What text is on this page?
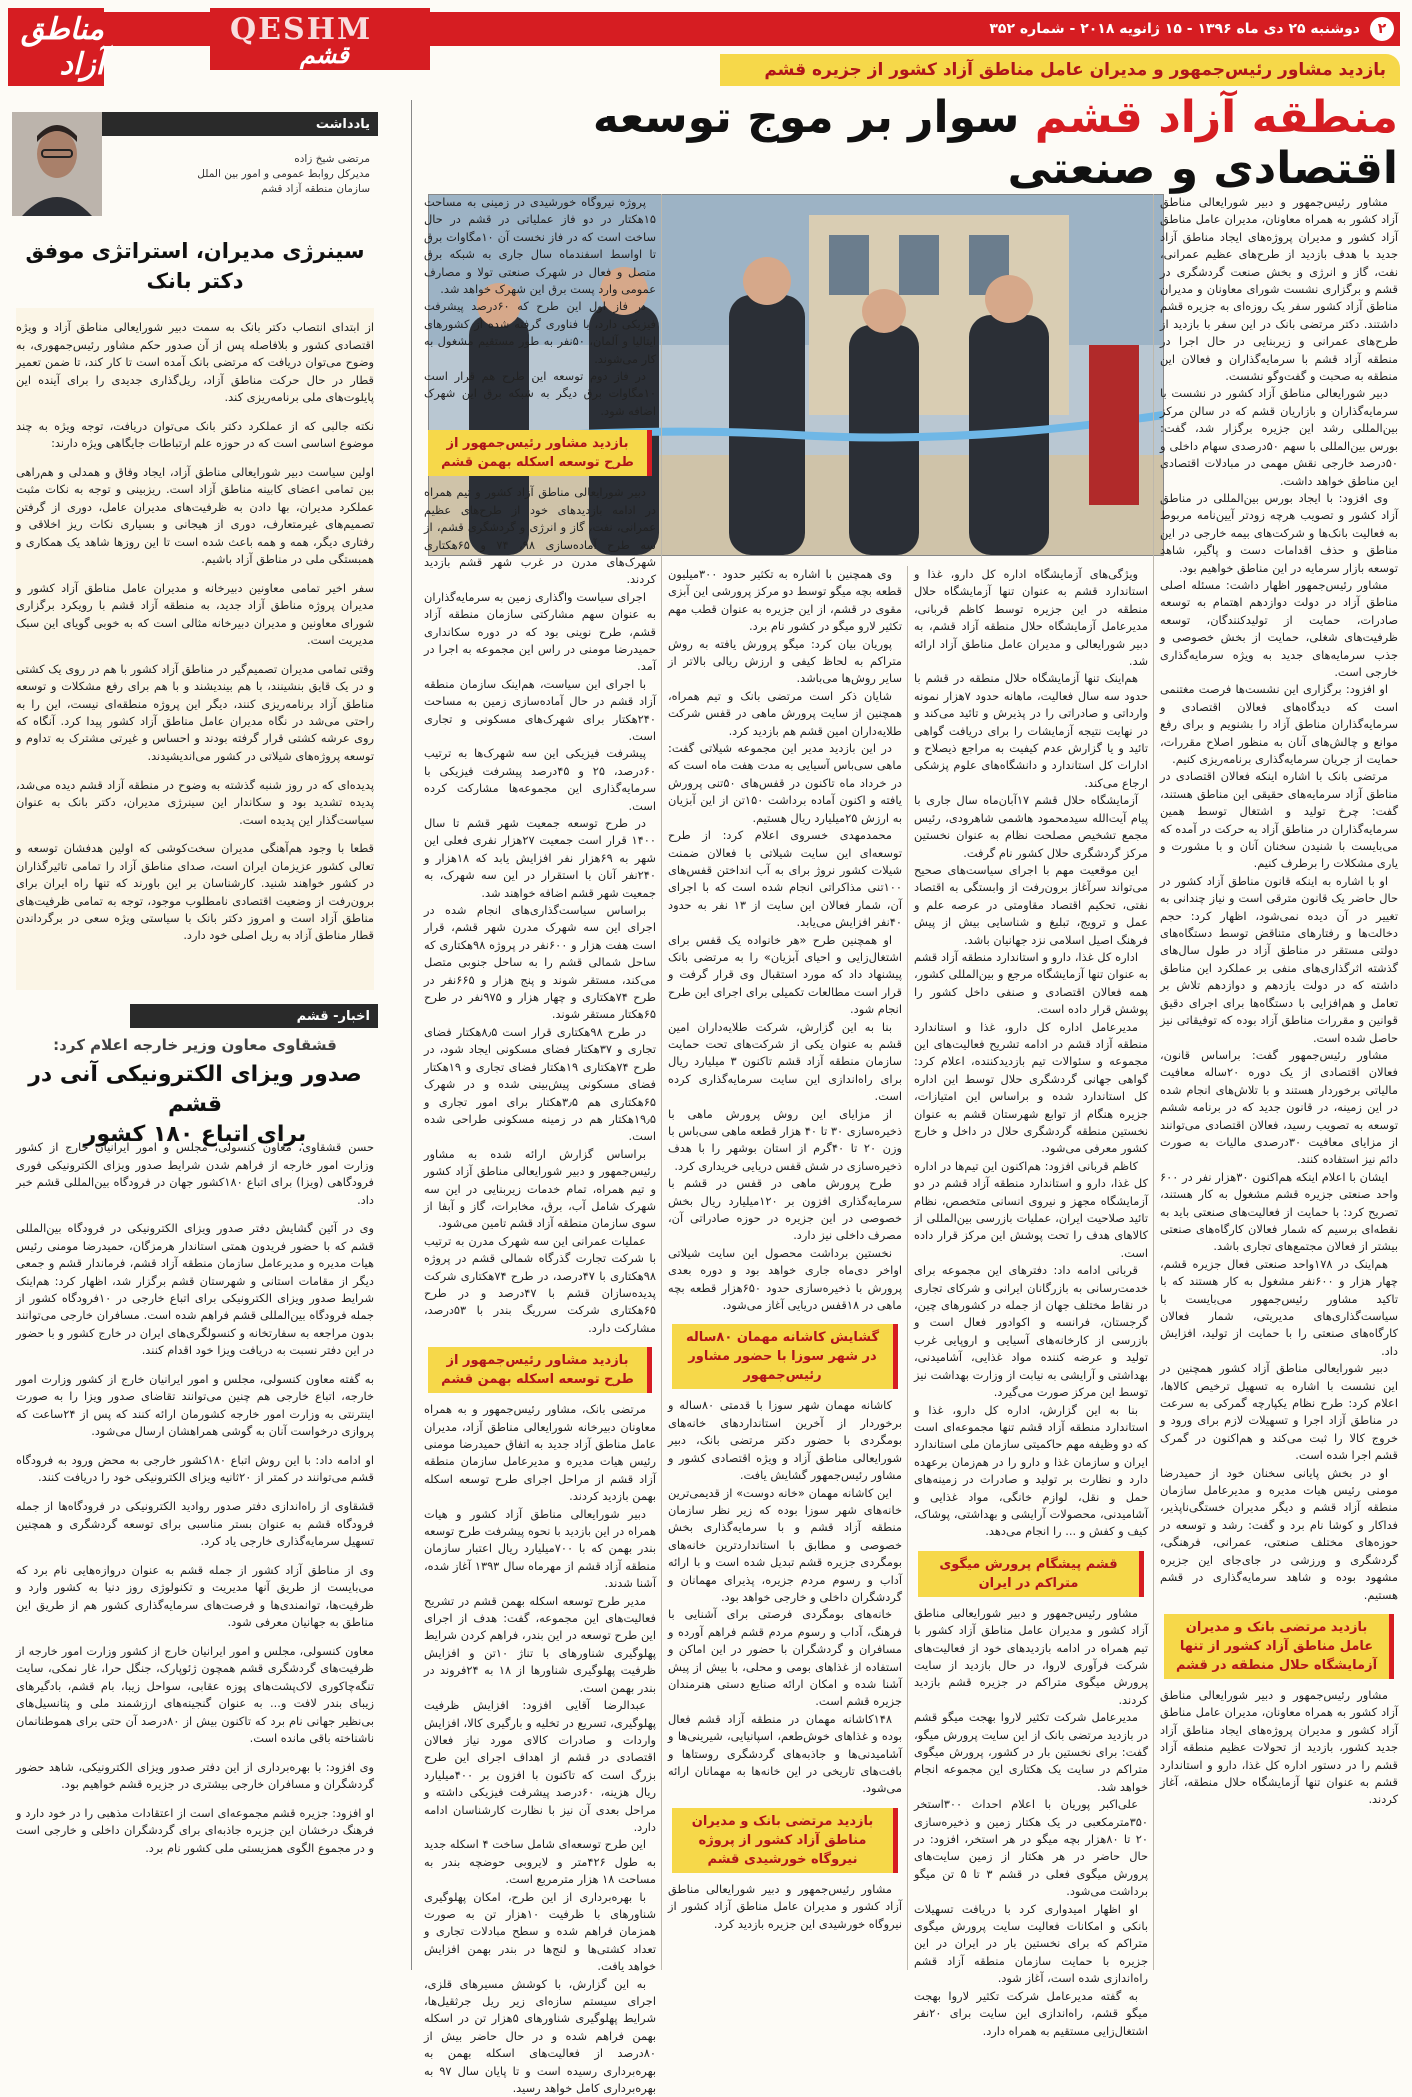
۲
دوشنبه ۲۵ دی ماه ۱۳۹۶ - ۱۵ ژانویه ۲۰۱۸ - شماره ۳۵۲
QESHM
قشم
مناطق آزاد	بازدید مشاور رئیس‌جمهور و مدیران عامل مناطق آزاد کشور از جزیره قشم
منطقه آزاد قشم سوار بر موج توسعه اقتصادی و صنعتی

مشاور رئیس‌جمهور و دبیر شورایعالی مناطق آزاد کشور به همراه معاونان، مدیران عامل مناطق آزاد کشور و مدیران پروژه‌های ایجاد مناطق آزاد جدید با هدف بازدید از طرح‌های عظیم عمرانی، نفت، گاز و انرژی و بخش صنعت گردشگری در قشم و برگزاری نشست شورای معاونان و مدیران مناطق آزاد کشور سفر یک روزه‌ای به جزیره قشم داشتند. دکتر مرتضی بانک در این سفر با بازدید از طرح‌های عمرانی و زیربنایی در حال اجرا در منطقه آزاد قشم با سرمایه‌گذاران و فعالان این منطقه به صحبت و گفت‌وگو نشست.

دبیر شورایعالی مناطق آزاد کشور در نشست با سرمایه‌گذاران و بازاریان قشم که در سالن مرکز بین‌المللی رشد این جزیره برگزار شد، گفت: بورس بین‌المللی با سهم ۵۰درصدی سهام داخلی و ۵۰درصد خارجی نقش مهمی در مبادلات اقتصادی این مناطق خواهد داشت.

وی افزود: با ایجاد بورس بین‌المللی در مناطق آزاد کشور و تصویب هرچه زودتر آیین‌نامه مربوط به فعالیت بانک‌ها و شرکت‌های بیمه خارجی در این مناطق و حذف اقدامات دست و پاگیر، شاهد توسعه بازار سرمایه در این مناطق خواهیم بود.

مشاور رئیس‌جمهور اظهار داشت: مسئله اصلی مناطق آزاد در دولت دوازدهم اهتمام به توسعه صادرات، حمایت از تولیدکنندگان، توسعه ظرفیت‌های شغلی، حمایت از بخش خصوصی و جذب سرمایه‌های جدید به ویژه سرمایه‌گذاری خارجی است.

او افزود: برگزاری این نشست‌ها فرصت مغتنمی است که دیدگاه‌های فعالان اقتصادی و سرمایه‌گذاران مناطق آزاد را بشنویم و برای رفع موانع و چالش‌های آنان به منظور اصلاح مقررات، حمایت از جریان سرمایه‌گذاری برنامه‌ریزی کنیم.

مرتضی بانک با اشاره اینکه فعالان اقتصادی در مناطق آزاد سرمایه‌های حقیقی این مناطق هستند، گفت: چرخ تولید و اشتغال توسط همین سرمایه‌گذاران در مناطق آزاد به حرکت در آمده که می‌بایست با شنیدن سخنان آنان و با مشورت و یاری مشکلات را برطرف کنیم.

او با اشاره به اینکه قانون مناطق آزاد کشور در حال حاضر یک قانون مترقی است و نیاز چندانی به تغییر در آن دیده نمی‌شود، اظهار کرد: حجم دخالت‌ها و رفتارهای متناقض توسط دستگاه‌های دولتی مستقر در مناطق آزاد در طول سال‌های گذشته اثرگذاری‌های منفی بر عملکرد این مناطق داشته که در دولت یازدهم و دوازدهم تلاش بر تعامل و هم‌افزایی با دستگاه‌ها برای اجرای دقیق قوانین و مقررات مناطق آزاد بوده که توفیقاتی نیز حاصل شده است.

مشاور رئیس‌جمهور گفت: براساس قانون، فعالان اقتصادی از یک دوره ۲۰ساله معافیت مالیاتی برخوردار هستند و با تلاش‌های انجام شده در این زمینه، در قانون جدید که در برنامه ششم توسعه به تصویب رسید، فعالان اقتصادی می‌توانند از مزایای معافیت ۳۰درصدی مالیات به صورت دائم نیز استفاده کنند.

ایشان با اعلام اینکه هم‌اکنون ۳۰هزار نفر در ۶۰۰ واحد صنعتی جزیره قشم مشغول به کار هستند، تصریح کرد: با حمایت از فعالیت‌های صنعتی باید به نقطه‌ای برسیم که شمار فعالان کارگاه‌های صنعتی بیشتر از فعالان مجتمع‌های تجاری باشد.

هم‌اینک در ۱۷۸واحد صنعتی فعال جزیره قشم، چهار هزار و ۶۰۰نفر مشغول به کار هستند که با تاکید مشاور رئیس‌جمهور می‌بایست با سیاست‌گذاری‌های مدیریتی، شمار فعالان کارگاه‌های صنعتی را با حمایت از تولید، افزایش داد.

دبیر شورایعالی مناطق آزاد کشور همچنین در این نشست با اشاره به تسهیل ترخیص کالاها، اعلام کرد: طرح نظام یکپارچه گمرکی به سرعت در مناطق آزاد اجرا و تسهیلات لازم برای ورود و خروج کالا را ثبت می‌کند و هم‌اکنون در گمرک قشم اجرا شده است.

او در بخش پایانی سخنان خود از حمیدرضا مومنی رئیس هیات مدیره و مدیرعامل سازمان منطقه آزاد قشم و دیگر مدیران خستگی‌ناپذیر، فداکار و کوشا نام برد و گفت: رشد و توسعه در حوزه‌های مختلف صنعتی، عمرانی، فرهنگی، گردشگری و ورزشی در جای‌جای این جزیره مشهود بوده و شاهد سرمایه‌گذاری در قشم هستیم.

بازدید مرتضی بانک و مدیران عامل مناطق آزاد کشور از تنها آزمایشگاه حلال منطقه در قشم

مشاور رئیس‌جمهور و دبیر شورایعالی مناطق آزاد کشور به همراه معاونان، مدیران عامل مناطق آزاد کشور و مدیران پروژه‌های ایجاد مناطق آزاد جدید کشور، بازدید از تحولات عظیم منطقه آزاد قشم را در دستور اداره کل غذا، دارو و استاندارد قشم به عنوان تنها آزمایشگاه حلال منطقه، آغاز کردند.

ویژگی‌های آزمایشگاه اداره کل دارو، غذا و استاندارد قشم به عنوان تنها آزمایشگاه حلال منطقه در این جزیره توسط کاظم قربانی، مدیرعامل آزمایشگاه حلال منطقه آزاد قشم، به دبیر شورایعالی و مدیران عامل مناطق آزاد ارائه شد.

هم‌اینک تنها آزمایشگاه حلال منطقه در قشم با حدود سه سال فعالیت، ماهانه حدود ۷هزار نمونه وارداتی و صادراتی را در پذیرش و تائید می‌کند و در نهایت نتیجه آزمایشات را برای دریافت گواهی تائید و یا گزارش عدم کیفیت به مراجع ذیصلاح و ادارات کل استاندارد و دانشگاه‌های علوم پزشکی ارجاع می‌کند.

آزمایشگاه حلال قشم ۱۷آبان‌ماه سال جاری با پیام آیت‌الله سیدمحمود هاشمی شاهرودی، رئیس مجمع تشخیص مصلحت نظام به عنوان نخستین مرکز گردشگری حلال کشور نام گرفت.

این موقعیت مهم با اجرای سیاست‌های صحیح می‌تواند سرآغاز برون‌رفت از وابستگی به اقتصاد نفتی، تحکیم اقتصاد مقاومتی در عرصه علم و عمل و ترویج، تبلیغ و شناسایی بیش از پیش فرهنگ اصیل اسلامی نزد جهانیان باشد.

اداره کل غذا، دارو و استاندارد منطقه آزاد قشم به عنوان تنها آزمایشگاه مرجع و بین‌المللی کشور، همه فعالان اقتصادی و صنفی داخل کشور را پوشش قرار داده است.

مدیرعامل اداره کل دارو، غذا و استاندارد منطقه آزاد قشم در ادامه تشریح فعالیت‌های این مجموعه و سئوالات تیم بازدیدکننده، اعلام کرد: گواهی جهانی گردشگری حلال توسط این اداره کل استاندارد شده و براساس این امتیازات، جزیره هنگام از توابع شهرستان قشم به عنوان نخستین منطقه گردشگری حلال در داخل و خارج کشور معرفی می‌شود.

کاظم قربانی افزود: هم‌اکنون این تیم‌ها در اداره کل غذا، دارو و استاندارد منطقه آزاد قشم در دو آزمایشگاه مجهز و نیروی انسانی متخصص، نظام تائید صلاحیت ایران، عملیات بازرسی بین‌المللی از کالاهای هدف را تحت پوشش این مرکز قرار داده است.

قربانی ادامه داد: دفترهای این مجموعه برای خدمت‌رسانی به بازرگانان ایرانی و شرکای تجاری در نقاط مختلف جهان از جمله در کشورهای چین، گرجستان، فرانسه و اکوادور فعال است و بازرسی از کارخانه‌های آسیایی و اروپایی غرب تولید و عرضه کننده مواد غذایی، آشامیدنی، بهداشتی و آرایشی به نیابت از وزارت بهداشت نیز توسط این مرکز صورت می‌گیرد.

بنا به این گزارش، اداره کل دارو، غذا و استاندارد منطقه آزاد قشم تنها مجموعه‌ای است که دو وظیفه مهم حاکمیتی سازمان ملی استاندارد ایران و سازمان غذا و دارو را در هم‌زمان برعهده دارد و نظارت بر تولید و صادرات در زمینه‌های حمل و نقل، لوازم خانگی، مواد غذایی و آشامیدنی، محصولات آرایشی و بهداشتی، پوشاک، کیف و کفش و ... را انجام می‌دهد.

قشم پیشگام پرورش میگوی متراکم در ایران

مشاور رئیس‌جمهور و دبیر شورایعالی مناطق آزاد کشور و مدیران عامل مناطق آزاد کشور با تیم همراه در ادامه بازدیدهای خود از فعالیت‌های شرکت فرآوری لاروا، در حال بازدید از سایت پرورش میگوی متراکم در جزیره قشم بازدید کردند.

مدیرعامل شرکت تکثیر لاروا بهجت میگو قشم در بازدید مرتضی بانک از این سایت پرورش میگو، گفت: برای نخستین بار در کشور، پرورش میگوی متراکم در سایت یک هکتاری این مجموعه انجام خواهد شد.

علی‌اکبر پوریان با اعلام احداث ۳۰۰استخر ۳۵۰مترمکعبی در یک هکتار زمین و ذخیره‌سازی ۲۰ تا ۸۰هزار بچه میگو در هر استخر، افزود: در حال حاضر در هر هکتار از زمین سایت‌های پرورش میگوی فعلی در قشم ۳ تا ۵ تن میگو برداشت می‌شود.

او اظهار امیدواری کرد با دریافت تسهیلات بانکی و امکانات فعالیت سایت پرورش میگوی متراکم که برای نخستین بار در ایران در این جزیره با حمایت سازمان منطقه آزاد قشم راه‌اندازی شده است، آغاز شود.

به گفته مدیرعامل شرکت تکثیر لاروا بهجت میگو قشم، راه‌اندازی این سایت برای ۲۰نفر اشتغال‌زایی مستقیم به همراه دارد.

وی همچنین با اشاره به تکثیر حدود ۳۰۰میلیون قطعه بچه میگو توسط دو مرکز پرورشی این آبزی مقوی در قشم، از این جزیره به عنوان قطب مهم تکثیر لارو میگو در کشور نام برد.

پوریان بیان کرد: میگو پرورش یافته به روش متراکم به لحاظ کیفی و ارزش ریالی بالاتر از سایر روش‌ها می‌باشد.

شایان ذکر است مرتضی بانک و تیم همراه، همچنین از سایت پرورش ماهی در قفس شرکت طلایه‌داران امین قشم هم بازدید کرد.

در این بازدید مدیر این مجموعه شیلاتی گفت: ماهی سی‌باس آسیایی به مدت هفت ماه است که در خرداد ماه تاکنون در قفس‌های ۵۰تنی پرورش یافته و اکنون آماده برداشت ۱۵۰تن از این آبزیان به ارزش ۲۵میلیارد ریال هستیم.

محمدمهدی خسروی اعلام کرد: از طرح توسعه‌ای این سایت شیلاتی با فعالان ضمنت شیلات کشور نروژ برای به آب انداختن قفس‌های ۱۰۰تنی مذاکراتی انجام شده است که با اجرای آن، شمار فعالان این سایت از ۱۳ نفر به حدود ۴۰نفر افزایش می‌یابد.

او همچنین طرح «هر خانواده یک قفس برای اشتغال‌زایی و احیای آبزیان» را به مرتضی بانک پیشنهاد داد که مورد استقبال وی قرار گرفت و قرار است مطالعات تکمیلی برای اجرای این طرح انجام شود.

بنا به این گزارش، شرکت طلایه‌داران امین قشم به عنوان یکی از شرکت‌های تحت حمایت سازمان منطقه آزاد قشم تاکنون ۳ میلیارد ریال برای راه‌اندازی این سایت سرمایه‌گذاری کرده است.

از مزایای این روش پرورش ماهی با ذخیره‌سازی ۳۰ تا ۴۰ هزار قطعه ماهی سی‌باس با وزن ۲۰ تا ۴۰گرم از استان بوشهر را با هدف ذخیره‌سازی در شش قفس دریایی خریداری کرد.

طرح پرورش ماهی در قفس در قشم با سرمایه‌گذاری افزون بر ۱۲۰میلیارد ریال بخش خصوصی در این جزیره در حوزه صادراتی آن، مصرف داخلی نیز دارد.

نخستین برداشت محصول این سایت شیلاتی اواخر دی‌ماه جاری خواهد بود و دوره بعدی پرورش با ذخیره‌سازی حدود ۶۵۰هزار قطعه بچه ماهی در ۱۸قفس دریایی آغاز می‌شود.

گشایش کاشانه مهمان ۸۰ساله در شهر سوزا با حضور مشاور رئیس‌جمهور

کاشانه مهمان شهر سوزا با قدمتی ۸۰ساله و برخوردار از آخرین استانداردهای خانه‌های بومگردی با حضور دکتر مرتضی بانک، دبیر شورایعالی مناطق آزاد و ویژه اقتصادی کشور و مشاور رئیس‌جمهور گشایش یافت.

این کاشانه مهمان «خانه دوست» از قدیمی‌ترین خانه‌های شهر سوزا بوده که زیر نظر سازمان منطقه آزاد قشم و با سرمایه‌گذاری بخش خصوصی و مطابق با استانداردترین خانه‌های بومگردی جزیره قشم تبدیل شده است و با ارائه آداب و رسوم مردم جزیره، پذیرای مهمانان و گردشگران داخلی و خارجی خواهد بود.

خانه‌های بومگردی فرصتی برای آشنایی با فرهنگ، آداب و رسوم مردم قشم فراهم آورده و مسافران و گردشگران با حضور در این اماکن و استفاده از غذاهای بومی و محلی، با بیش از پیش آشنا شده و امکان ارائه صنایع دستی هنرمندان جزیره قشم است.

۱۴۸کاشانه مهمان در منطقه آزاد قشم فعال بوده و غذاهای خوش‌طعم، اسپانیایی، شیرینی‌ها و آشامیدنی‌ها و جاذبه‌های گردشگری روستاها و بافت‌های تاریخی در این خانه‌ها به مهمانان ارائه می‌شود.

بازدید مرتضی بانک و مدیران مناطق آزاد کشور از پروژه نیروگاه خورشیدی قشم

مشاور رئیس‌جمهور و دبیر شورایعالی مناطق آزاد کشور و مدیران عامل مناطق آزاد کشور از نیروگاه خورشیدی این جزیره بازدید کرد.

پروژه نیروگاه خورشیدی در زمینی به مساحت ۱۵هکتار در دو فاز عملیاتی در قشم در حال ساخت است که در فاز نخست آن ۱۰مگاوات برق تا اواسط اسفندماه سال جاری به شبکه برق متصل و فعال در شهرک صنعتی تولا و مصارف عمومی وارد پست برق این شهرک خواهد شد.

در فاز اول این طرح که ۶۰درصد پیشرفت فیزیکی دارد، با فناوری گرفته شده از کشورهای ایتالیا و آلمان، ۵۰نفر به طور مستقیم مشغول به کار می‌شوند.

در فاز دوم توسعه این طرح هم قرار است ۱۰مگاوات برق دیگر به شبکه برق این شهرک اضافه شود.

بازدید مشاور رئیس‌جمهور از طرح توسعه اسکله بهمن قشم

دبیر شورایعالی مناطق آزاد کشور و تیم همراه در ادامه بازدیدهای خود از طرح‌های عظیم عمرانی، نفت، گاز و انرژی و گردشگری قشم، از سه طرح آماده‌سازی ۹۸، ۷۴ و ۶۵هکتاری شهرک‌های مدرن در غرب شهر قشم بازدید کردند.

اجرای سیاست واگذاری زمین به سرمایه‌گذاران به عنوان سهم مشارکتی سازمان منطقه آزاد قشم، طرح نوینی بود که در دوره سکانداری حمیدرضا مومنی در راس این مجموعه به اجرا در آمد.

با اجرای این سیاست، هم‌اینک سازمان منطقه آزاد قشم در حال آماده‌سازی زمین به مساحت ۲۴۰هکتار برای شهرک‌های مسکونی و تجاری است.

پیشرفت فیزیکی این سه شهرک‌ها به ترتیب ۶۰درصد، ۲۵ و ۴۵درصد پیشرفت فیزیکی با سرمایه‌گذاری این مجموعه‌ها مشارکت کرده است.

در طرح توسعه جمعیت شهر قشم تا سال ۱۴۰۰ قرار است جمعیت ۲۷هزار نفری فعلی این شهر به ۶۹هزار نفر افزایش یابد که ۱۸هزار و ۲۴۰نفر آنان با استقرار در این سه شهرک، به جمعیت شهر قشم اضافه خواهند شد.

براساس سیاست‌گذاری‌های انجام شده در اجرای این سه شهرک مدرن شهر قشم، قرار است هفت هزار و ۶۰۰نفر در پروژه ۹۸هکتاری که ساحل شمالی قشم را به ساحل جنوبی متصل می‌کند، مستقر شوند و پنج هزار و ۶۶۵نفر در طرح ۷۴هکتاری و چهار هزار و ۹۷۵نفر در طرح ۶۵هکتار مستقر شوند.

در طرح ۹۸هکتاری قرار است ۸٫۵هکتار فضای تجاری و ۳۷هکتار فضای مسکونی ایجاد شود، در طرح ۷۴هکتاری ۱۹هکتار فضای تجاری و ۱۹هکتار فضای مسکونی پیش‌بینی شده و در شهرک ۶۵هکتاری هم ۳٫۵هکتار برای امور تجاری و ۱۹٫۵هکتار هم در زمینه مسکونی طراحی شده است.

براساس گزارش ارائه شده به مشاور رئیس‌جمهور و دبیر شورایعالی مناطق آزاد کشور و تیم همراه، تمام خدمات زیربنایی در این سه شهرک شامل آب، برق، مخابرات، گاز و آبفا از سوی سازمان منطقه آزاد قشم تامین می‌شود.

عملیات عمرانی این سه شهرک مدرن به ترتیب با شرکت تجارت گذرگاه شمالی قشم در پروژه ۹۸هکتاری با ۴۷درصد، در طرح ۷۴هکتاری شرکت پدیده‌سازان قشم با ۴۷درصد و در طرح ۶۵هکتاری شرکت سرریگ بندر با ۵۳درصد، مشارکت دارد.

بازدید مشاور رئیس‌جمهور از طرح توسعه اسکله بهمن قشم

مرتضی بانک، مشاور رئیس‌جمهور و به همراه معاونان دبیرخانه شورایعالی مناطق آزاد، مدیران عامل مناطق آزاد جدید به اتفاق حمیدرضا مومنی رئیس هیات مدیره و مدیرعامل سازمان منطقه آزاد قشم از مراحل اجرای طرح توسعه اسکله بهمن بازدید کردند.

دبیر شورایعالی مناطق آزاد کشور و هیات همراه در این بازدید با نحوه پیشرفت طرح توسعه بندر بهمن که با ۷۰۰میلیارد ریال اعتبار سازمان منطقه آزاد قشم از مهرماه سال ۱۳۹۳ آغاز شده، آشنا شدند.

مدیر طرح توسعه اسکله بهمن قشم در تشریح فعالیت‌های این مجموعه، گفت: هدف از اجرای این طرح توسعه در این بندر، فراهم کردن شرایط پهلوگیری شناورهای با تناژ ۱۰تن و افزایش ظرفیت پهلوگیری شناورها از ۱۸ به ۲۴فروند در بندر بهمن است.

عبدالرضا آقایی افزود: افزایش ظرفیت پهلوگیری، تسریع در تخلیه و بارگیری کالا، افزایش واردات و صادرات کالای مورد نیاز فعالان اقتصادی در قشم از اهداف اجرای این طرح بزرگ است که تاکنون با افزون بر ۴۰۰میلیارد ریال هزینه، ۶۰درصد پیشرفت فیزیکی داشته و مراحل بعدی آن نیز با نظارت کارشناسان ادامه دارد.

این طرح توسعه‌ای شامل ساخت ۴ اسکله جدید به طول ۴۲۶متر و لایروبی حوضچه بندر به مساحت ۱۸ هزار مترمربع است.

با بهره‌برداری از این طرح، امکان پهلوگیری شناورهای با ظرفیت ۱۰هزار تن به صورت همزمان فراهم شده و سطح مبادلات تجاری و تعداد کشتی‌ها و لنج‌ها در بندر بهمن افزایش خواهد یافت.

به این گزارش، با کوشش مسیرهای قلزی، اجرای سیستم سازه‌ای زیر ریل جرثقیل‌ها، شرایط پهلوگیری شناورهای ۵هزار تن در اسکله بهمن فراهم شده و در حال حاضر بیش از ۸۰درصد از فعالیت‌های اسکله بهمن به بهره‌برداری رسیده است و تا پایان سال ۹۷ به بهره‌برداری کامل خواهد رسید.

یادداشت
مرتضی شیخ زاده
مدیرکل روابط عمومی و امور بین الملل
سازمان منطقه آزاد قشم
سینرژی مدیران، استراتژی موفق
دکتر بانک

از ابتدای انتصاب دکتر بانک به سمت دبیر شورایعالی مناطق آزاد و ویژه اقتصادی کشور و بلافاصله پس از آن صدور حکم مشاور رئیس‌جمهوری، به وضوح می‌توان دریافت که مرتضی بانک آمده است تا کار کند، تا ضمن تعمیر قطار در حال حرکت مناطق آزاد، ریل‌گذاری جدیدی را برای آینده این پایلوت‌های ملی برنامه‌ریزی کند.

نکته جالبی که از عملکرد دکتر بانک می‌توان دریافت، توجه ویژه به چند موضوع اساسی است که در حوزه علم ارتباطات جایگاهی ویژه دارند:

اولین سیاست دبیر شورایعالی مناطق آزاد، ایجاد وفاق و همدلی و هم‌راهی بین تمامی اعضای کابینه مناطق آزاد است. ریزبینی و توجه به نکات مثبت عملکرد مدیران، بها دادن به ظرفیت‌های مدیران عامل، دوری از گرفتن تصمیم‌های غیرمتعارف، دوری از هیجانی و بسیاری نکات ریز اخلاقی و رفتاری دیگر، همه و همه باعث شده است تا این روزها شاهد یک همکاری و همبستگی ملی در مناطق آزاد باشیم.

سفر اخیر تمامی معاونین دبیرخانه و مدیران عامل مناطق آزاد کشور و مدیران پروژه مناطق آزاد جدید، به منطقه آزاد قشم با رویکرد برگزاری شورای معاونین و مدیران دبیرخانه مثالی است که به خوبی گویای این سبک مدیریت است.

وقتی تمامی مدیران تصمیم‌گیر در مناطق آزاد کشور با هم در روی یک کشتی و در یک قایق بنشینند، با هم بیندیشند و با هم برای رفع مشکلات و توسعه مناطق آزاد برنامه‌ریزی کنند، دیگر این پروژه منطقه‌ای نیست، این را به راحتی می‌شد در نگاه مدیران عامل مناطق آزاد کشور پیدا کرد. آنگاه که روی عرشه کشتی قرار گرفته بودند و احساس و غیرتی مشترک به تداوم و توسعه پروژه‌های شیلاتی در کشور می‌اندیشیدند.

پدیده‌ای که در روز شنبه گذشته به وضوح در منطقه آزاد قشم دیده می‌شد، پدیده تشدید بود و سکاندار این سینرژی مدیران، دکتر بانک به عنوان سیاست‌گذار این پدیده است.

قطعا با وجود هم‌آهنگی مدیران سخت‌کوشی که اولین هدفشان توسعه و تعالی کشور عزیزمان ایران است، صدای مناطق آزاد را تمامی تاثیرگذاران در کشور خواهند شنید. کارشناسان بر این باورند که تنها راه ایران برای برون‌رفت از وضعیت اقتصادی نامطلوب موجود، توجه به تمامی ظرفیت‌های مناطق آزاد است و امروز دکتر بانک با سیاستی ویژه سعی در برگرداندن قطار مناطق آزاد به ریل اصلی خود دارد.

اخبار- قشم
قشقاوی معاون وزیر خارجه اعلام کرد:
صدور ویزای الکترونیکی آنی در قشم
برای اتباع ۱۸۰ کشور

حسن قشقاوی، معاون کنسولی، مجلس و امور ایرانیان خارج از کشور وزارت امور خارجه از فراهم شدن شرایط صدور ویزای الکترونیکی فوری فرودگاهی (ویزا) برای اتباع ۱۸۰کشور جهان در فرودگاه بین‌المللی قشم خبر داد.

وی در آئین گشایش دفتر صدور ویزای الکترونیکی در فرودگاه بین‌المللی قشم که با حضور فریدون همتی استاندار هرمزگان، حمیدرضا مومنی رئیس هیات مدیره و مدیرعامل سازمان منطقه آزاد قشم، فرماندار قشم و جمعی دیگر از مقامات استانی و شهرستان قشم برگزار شد، اظهار کرد: هم‌اینک شرایط صدور ویزای الکترونیکی برای اتباع خارجی در ۱۰فرودگاه کشور از جمله فرودگاه بین‌المللی قشم فراهم شده است. مسافران خارجی می‌توانند بدون مراجعه به سفارتخانه و کنسولگری‌های ایران در خارج کشور و با حضور در این دفتر نسبت به دریافت ویزا خود اقدام کنند.

به گفته معاون کنسولی، مجلس و امور ایرانیان خارج از کشور وزارت امور خارجه، اتباع خارجی هم چنین می‌توانند تقاضای صدور ویزا را به صورت اینترنتی به وزارت امور خارجه کشورمان ارائه کنند که پس از ۲۴ساعت که پروازی درخواست آنان به گوشی همراهشان ارسال می‌شود.

او ادامه داد: با این روش اتباع ۱۸۰کشور خارجی به محض ورود به فرودگاه قشم می‌توانند در کمتر از ۲۰ثانیه ویزای الکترونیکی خود را دریافت کنند.

قشقاوی از راه‌اندازی دفتر صدور روادید الکترونیکی در فرودگاه‌ها از جمله فرودگاه قشم به عنوان بستر مناسبی برای توسعه گردشگری و همچنین تسهیل سرمایه‌گذاری خارجی یاد کرد.

وی از مناطق آزاد کشور از جمله قشم به عنوان دروازه‌هایی نام برد که می‌بایست از طریق آنها مدیریت و تکنولوژی روز دنیا به کشور وارد و ظرفیت‌ها، توانمندی‌ها و فرصت‌های سرمایه‌گذاری کشور هم از طریق این مناطق به جهانیان معرفی شود.

معاون کنسولی، مجلس و امور ایرانیان خارج از کشور وزارت امور خارجه از ظرفیت‌های گردشگری قشم همچون ژئوپارک، جنگل حرا، غار نمکی، سایت تنگه‌چاکوری لاک‌پشت‌های پوزه عقابی، سواحل زیبا، بام قشم، بادگیرهای زیبای بندر لافت و... به عنوان گنجینه‌های ارزشمند ملی و پتانسیل‌های بی‌نظیر جهانی نام برد که تاکنون بیش از ۸۰درصد آن حتی برای هموطنانمان ناشناخته باقی مانده است.

وی افزود: با بهره‌برداری از این دفتر صدور ویزای الکترونیکی، شاهد حضور گردشگران و مسافران خارجی بیشتری در جزیره قشم خواهیم بود.

او افزود: جزیره قشم مجموعه‌ای است از اعتقادات مذهبی را در خود دارد و فرهنگ درخشان این جزیره جاذبه‌ای برای گردشگران داخلی و خارجی است و در مجموع الگوی همزیستی ملی کشور نام برد.
